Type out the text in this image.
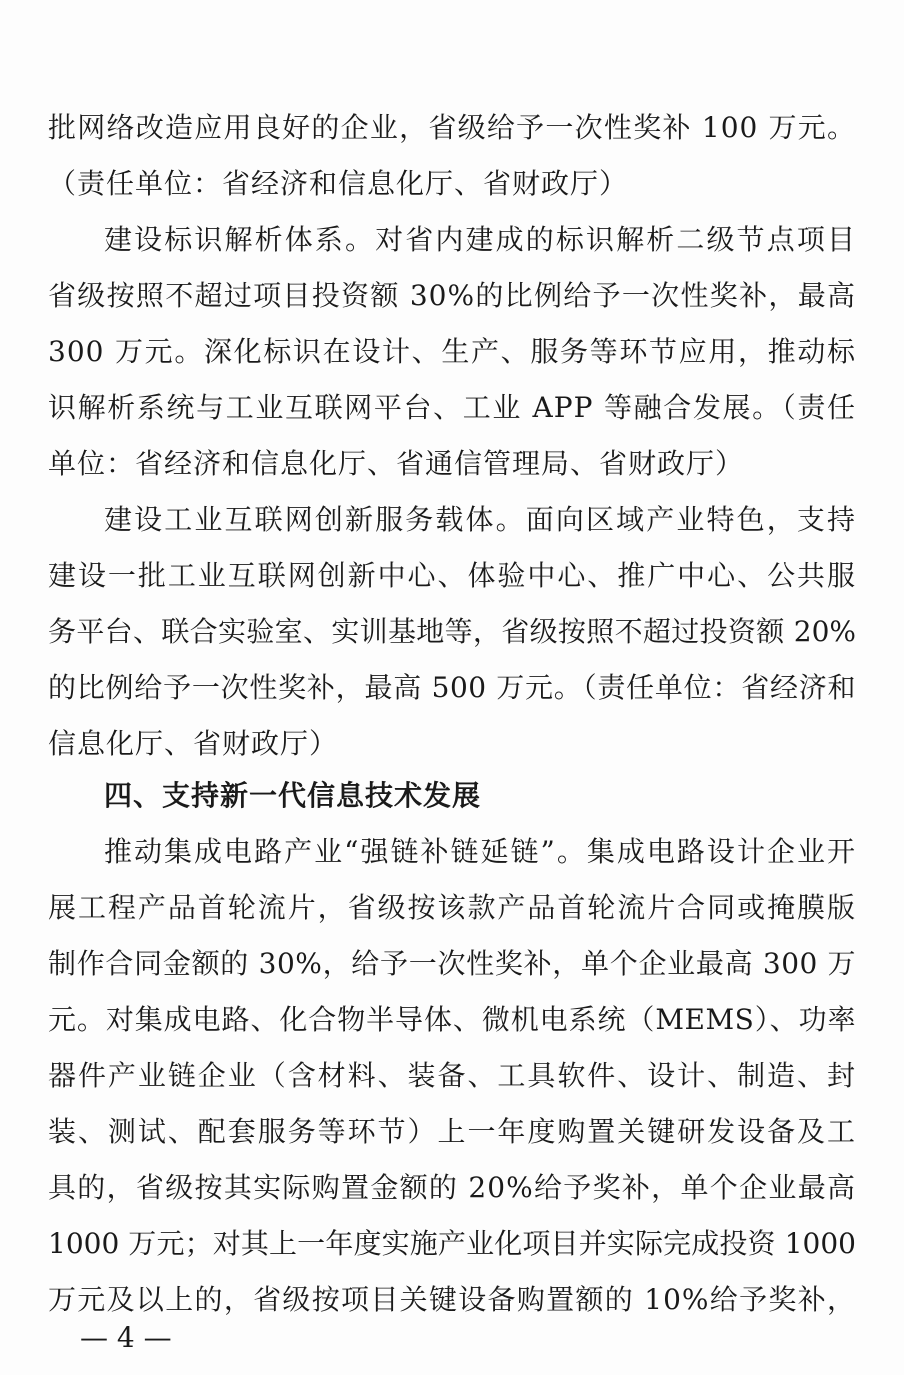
批网络改造应用良好的企业，省级给予一次性奖补 100 万元。
（责任单位：省经济和信息化厅、省财政厅）
建设标识解析体系。对省内建成的标识解析二级节点项目
省级按照不超过项目投资额 30%的比例给予一次性奖补，最高
300 万元。深化标识在设计、生产、服务等环节应用，推动标
识解析系统与工业互联网平台、工业 APP 等融合发展。（责任
单位：省经济和信息化厅、省通信管理局、省财政厅）
建设工业互联网创新服务载体。面向区域产业特色，支持
建设一批工业互联网创新中心、体验中心、推广中心、公共服
务平台、联合实验室、实训基地等，省级按照不超过投资额 20%
的比例给予一次性奖补，最高 500 万元。（责任单位：省经济和
信息化厅、省财政厅）
四、支持新一代信息技术发展
推动集成电路产业“强链补链延链”。集成电路设计企业开
展工程产品首轮流片，省级按该款产品首轮流片合同或掩膜版
制作合同金额的 30%，给予一次性奖补，单个企业最高 300 万
元。对集成电路、化合物半导体、微机电系统（MEMS）、功率
器件产业链企业（含材料、装备、工具软件、设计、制造、封
装、测试、配套服务等环节）上一年度购置关键研发设备及工
具的，省级按其实际购置金额的 20%给予奖补，单个企业最高
1000 万元；对其上一年度实施产业化项目并实际完成投资 1000
万元及以上的，省级按项目关键设备购置额的 10%给予奖补，
— 4 —
